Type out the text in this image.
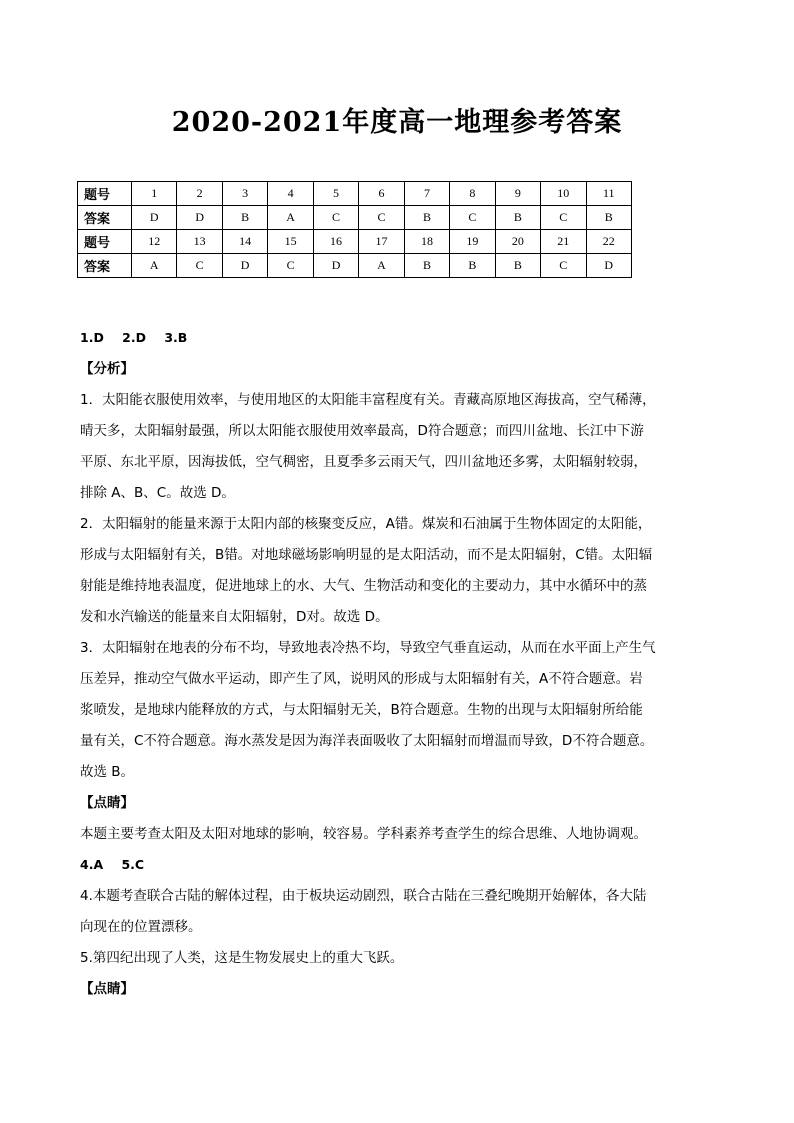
2020-2021年度高一地理参考答案
题号	1	2	3	4	5	6	7	8	9	10	11
答案	D	D	B	A	C	C	B	C	B	C	B
题号	12	13	14	15	16	17	18	19	20	21	22
答案	A	C	D	C	D	A	B	B	B	C	D
1.D 2.D 3.B
【分析】
1．太阳能衣服使用效率，与使用地区的太阳能丰富程度有关。青藏高原地区海拔高，空气稀薄，
晴天多，太阳辐射最强，所以太阳能衣服使用效率最高，D符合题意；而四川盆地、长江中下游
平原、东北平原，因海拔低，空气稠密，且夏季多云雨天气，四川盆地还多雾，太阳辐射较弱，
排除 A、B、C。故选 D。
2．太阳辐射的能量来源于太阳内部的核聚变反应，A错。煤炭和石油属于生物体固定的太阳能，
形成与太阳辐射有关，B错。对地球磁场影响明显的是太阳活动，而不是太阳辐射，C错。太阳辐
射能是维持地表温度，促进地球上的水、大气、生物活动和变化的主要动力，其中水循环中的蒸
发和水汽输送的能量来自太阳辐射，D对。故选 D。
3．太阳辐射在地表的分布不均，导致地表冷热不均，导致空气垂直运动，从而在水平面上产生气
压差异，推动空气做水平运动，即产生了风，说明风的形成与太阳辐射有关，A不符合题意。岩
浆喷发，是地球内能释放的方式，与太阳辐射无关，B符合题意。生物的出现与太阳辐射所给能
量有关，C不符合题意。海水蒸发是因为海洋表面吸收了太阳辐射而增温而导致，D不符合题意。
故选 B。
【点睛】
本题主要考查太阳及太阳对地球的影响，较容易。学科素养考查学生的综合思维、人地协调观。
4.A 5.C
4.本题考查联合古陆的解体过程，由于板块运动剧烈，联合古陆在三叠纪晚期开始解体，各大陆
向现在的位置漂移。
5.第四纪出现了人类，这是生物发展史上的重大飞跃。
【点睛】
